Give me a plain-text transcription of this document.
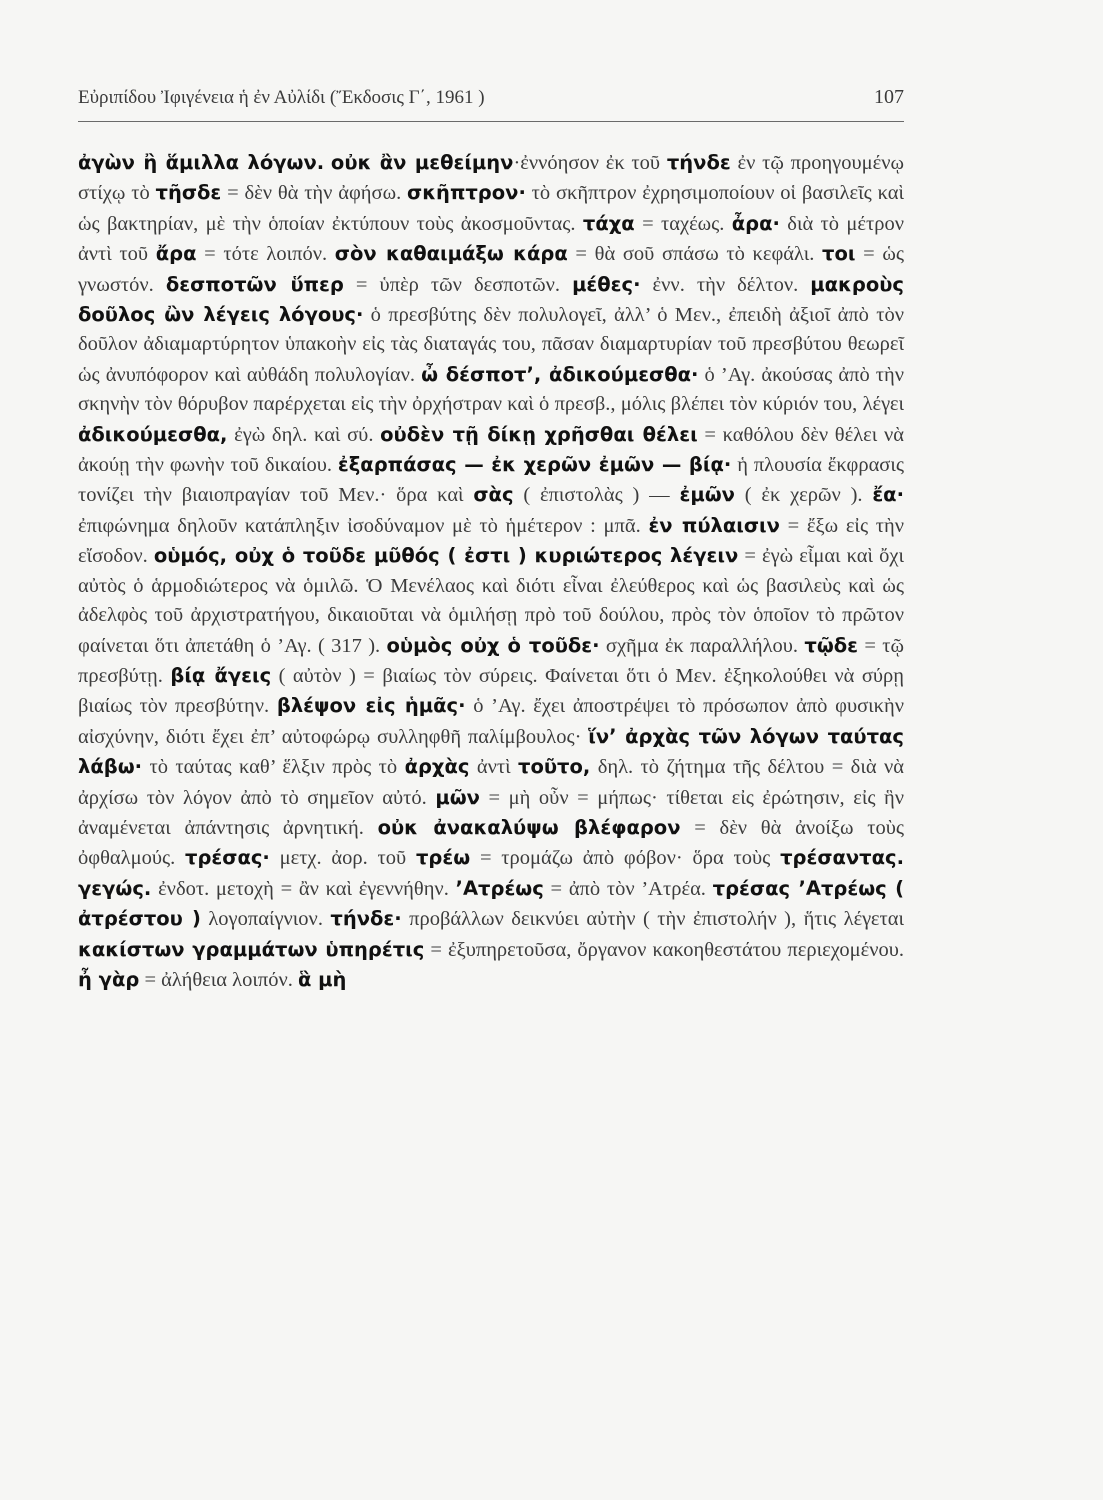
Εὐριπίδου Ἰφιγένεια ἡ ἐν Αὐλίδι (Ἔκδοσις Γ΄, 1961 )	107
ἀγὼν ἢ ἅμιλλα λόγων. οὐκ ἂν μεθείμην·ἐννόησον ἐκ τοῦ τήνδε ἐν τῷ προηγουμένῳ στίχῳ τὸ τῆσδε = δὲν θὰ τὴν ἀφήσω. σκῆπτρον· τὸ σκῆπτρον ἐχρησιμοποίουν οἱ βασιλεῖς καὶ ὡς βακτηρίαν, μὲ τὴν ὁποίαν ἐκτύπουν τοὺς ἀκοσμοῦντας. τάχα = ταχέως. ἆρα· διὰ τὸ μέτρον ἀντὶ τοῦ ἄρα = τότε λοιπόν. σὸν καθαιμάξω κάρα = θὰ σοῦ σπάσω τὸ κεφάλι. τοι = ὡς γνωστόν. δεσποτῶν ὕπερ = ὑπὲρ τῶν δεσποτῶν. μέθες· ἐνν. τὴν δέλτον. μακροὺς δοῦλος ὢν λέγεις λόγους· ὁ πρεσβύτης δὲν πολυλογεῖ, ἀλλ’ ὁ Μεν., ἐπειδὴ ἀξιοῖ ἀπὸ τὸν δοῦλον ἀδιαμαρτύρητον ὑπακοὴν εἰς τὰς διαταγάς του, πᾶσαν διαμαρτυρίαν τοῦ πρεσβύτου θεωρεῖ ὡς ἀνυπόφορον καὶ αὐθάδη πολυλογίαν. ὦ δέσποτ’, ἀδικούμεσθα· ὁ ’Αγ. ἀκούσας ἀπὸ τὴν σκηνὴν τὸν θόρυβον παρέρχεται εἰς τὴν ὀρχήστραν καὶ ὁ πρεσβ., μόλις βλέπει τὸν κύριόν του, λέγει ἀδικούμεσθα, ἐγὼ δηλ. καὶ σύ. οὐδὲν τῇ δίκῃ χρῆσθαι θέλει = καθόλου δὲν θέλει νὰ ἀκούῃ τὴν φωνὴν τοῦ δικαίου. ἐξαρπάσας — ἐκ χερῶν ἐμῶν — βίᾳ· ἡ πλουσία ἔκφρασις τονίζει τὴν βιαιοπραγίαν τοῦ Μεν.· ὅρα καὶ σὰς ( ἐπιστολὰς ) — ἐμῶν ( ἐκ χερῶν ). ἔα· ἐπιφώνημα δηλοῦν κατάπληξιν ἰσοδύναμον μὲ τὸ ἡμέτερον : μπᾶ. ἐν πύλαισιν = ἔξω εἰς τὴν εἴσοδον. οὑμός, οὐχ ὁ τοῦδε μῦθός ( ἐστι ) κυριώτερος λέγειν = ἐγὼ εἶμαι καὶ ὄχι αὐτὸς ὁ ἁρμοδιώτερος νὰ ὁμιλῶ. Ὁ Μενέλαος καὶ διότι εἶναι ἐλεύθερος καὶ ὡς βασιλεὺς καὶ ὡς ἀδελφὸς τοῦ ἀρχιστρατήγου, δικαιοῦται νὰ ὁμιλήσῃ πρὸ τοῦ δούλου, πρὸς τὸν ὁποῖον τὸ πρῶτον φαίνεται ὅτι ἀπετάθη ὁ ’Αγ. ( 317 ). οὑμὸς οὐχ ὁ τοῦδε· σχῆμα ἐκ παραλλήλου. τῷδε = τῷ πρεσβύτῃ. βίᾳ ἄγεις ( αὐτὸν ) = βιαίως τὸν σύρεις. Φαίνεται ὅτι ὁ Μεν. ἐξηκολούθει νὰ σύρῃ βιαίως τὸν πρεσβύτην. βλέψον εἰς ἡμᾶς· ὁ ’Αγ. ἔχει ἀποστρέψει τὸ πρόσωπον ἀπὸ φυσικὴν αἰσχύνην, διότι ἔχει ἐπ’ αὐτοφώρῳ συλληφθῆ παλίμβουλος· ἵν’ ἀρχὰς τῶν λόγων ταύτας λάβω· τὸ ταύτας καθ’ ἕλξιν πρὸς τὸ ἀρχὰς ἀντὶ τοῦτο, δηλ. τὸ ζήτημα τῆς δέλτου = διὰ νὰ ἀρχίσω τὸν λόγον ἀπὸ τὸ σημεῖον αὐτό. μῶν = μὴ οὖν = μήπως· τίθεται εἰς ἐρώτησιν, εἰς ἣν ἀναμένεται ἀπάντησις ἀρνητική. οὐκ ἀνακαλύψω βλέφαρον = δὲν θὰ ἀνοίξω τοὺς ὀφθαλμούς. τρέσας· μετχ. ἀορ. τοῦ τρέω = τρομάζω ἀπὸ φόβον· ὅρα τοὺς τρέσαντας. γεγώς. ἐνδοτ. μετοχὴ = ἂν καὶ ἐγεννήθην. ’Ατρέως = ἀπὸ τὸν ’Ατρέα. τρέσας ’Ατρέως ( ἀτρέστου ) λογοπαίγνιον. τήνδε· προβάλλων δεικνύει αὐτὴν ( τὴν ἐπιστολήν ), ἥτις λέγεται κακίστων γραμμάτων ὑπηρέτις = ἐξυπηρετοῦσα, ὄργανον κακοηθεστάτου περιεχομένου. ἦ γὰρ = ἀλήθεια λοιπόν. ἃ μὴ
